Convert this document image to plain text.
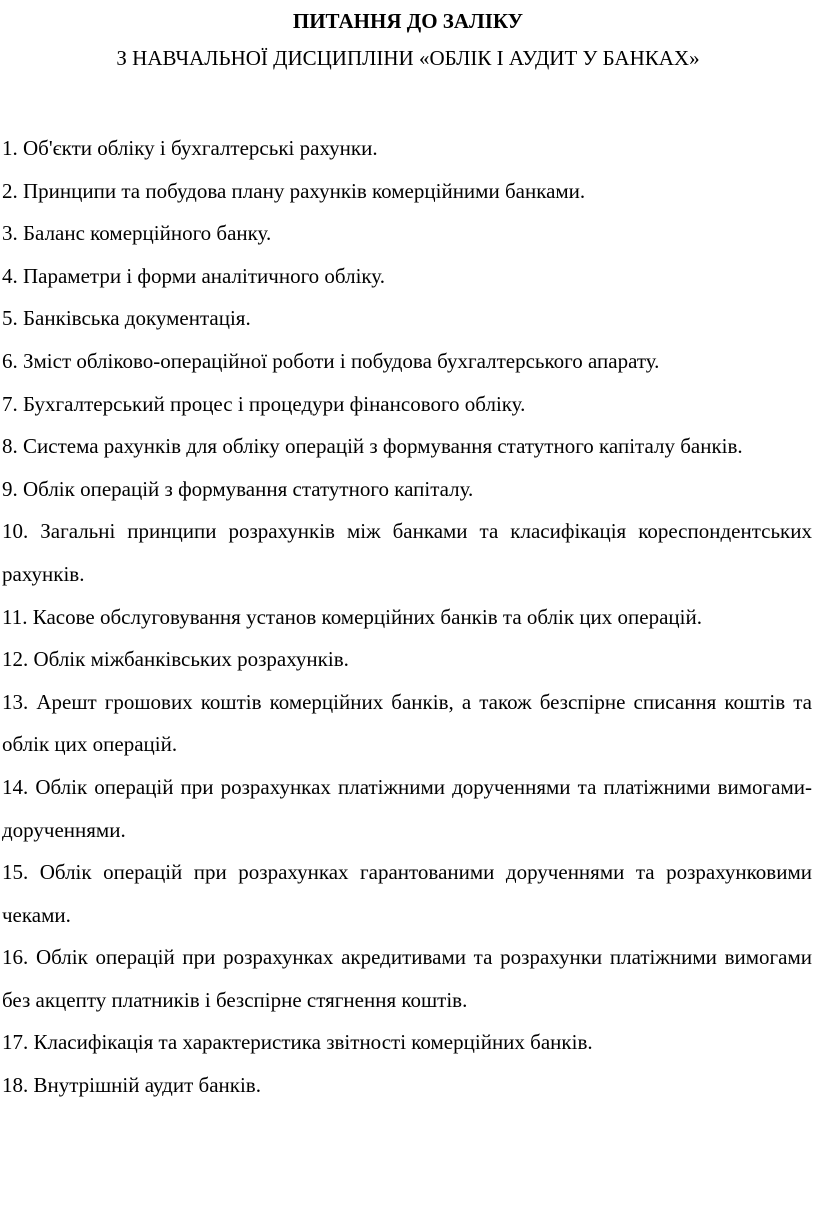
ПИТАННЯ ДО ЗАЛІКУ

З НАВЧАЛЬНОЇ ДИСЦИПЛІНИ «ОБЛІК І АУДИТ У БАНКАХ»

1. Об'єкти обліку і бухгалтерські рахунки.
2. Принципи та побудова плану рахунків комерційними банками.
3. Баланс комерційного банку.
4. Параметри і форми аналітичного обліку.
5. Банківська документація.
6. Зміст обліково-операційної роботи і побудова бухгалтерського апарату.
7. Бухгалтерський процес і процедури фінансового обліку.
8. Система рахунків для обліку операцій з формування статутного капіталу банків.
9. Облік операцій з формування статутного капіталу.
10. Загальні принципи розрахунків між банками та класифікація кореспондентських рахунків.
11. Касове обслуговування установ комерційних банків та облік цих операцій.
12. Облік міжбанківських розрахунків.
13. Арешт грошових коштів комерційних банків, а також безспірне списання коштів та облік цих операцій.
14. Облік операцій при розрахунках платіжними дорученнями та платіжними вимогами-дорученнями.
15. Облік операцій при розрахунках гарантованими дорученнями та розрахунковими чеками.
16. Облік операцій при розрахунках акредитивами та розрахунки платіжними вимогами без акцепту платників і безспірне стягнення коштів.
17. Класифікація та характеристика звітності комерційних банків.
18. Внутрішній аудит банків.
